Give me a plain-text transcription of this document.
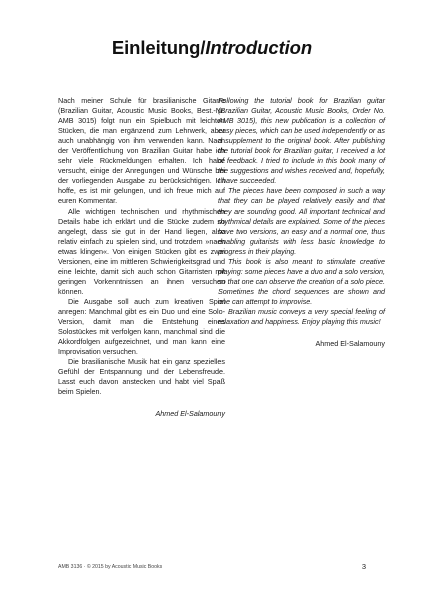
Einleitung/Introduction

Nach meiner Schule für brasilianische Gitarre (Brazilian Guitar, Acoustic Music Books, Best.-Nr. AMB 3015) folgt nun ein Spielbuch mit leichten Stücken, die man ergänzend zum Lehrwerk, aber auch unabhängig von ihm verwenden kann. Nach der Veröffentlichung von Brazilian Guitar habe ich sehr viele Rückmeldungen erhalten. Ich habe versucht, einige der Anregungen und Wünsche bei der vorliegenden Ausgabe zu berücksichtigen. Ich hoffe, es ist mir gelungen, und ich freue mich auf euren Kommentar.

Alle wichtigen technischen und rhythmischen Details habe ich erklärt und die Stücke zudem so angelegt, dass sie gut in der Hand liegen, also relativ einfach zu spielen sind, und trotzdem »nach etwas klingen«. Von einigen Stücken gibt es zwei Versionen, eine im mittleren Schwierigkeitsgrad und eine leichte, damit sich auch schon Gitarristen mit geringen Vorkenntnissen an ihnen versuchen können.

Die Ausgabe soll auch zum kreativen Spiel anregen: Manchmal gibt es ein Duo und eine Solo-Version, damit man die Entstehung eines Solostückes mit verfolgen kann, manchmal sind die Akkordfolgen aufgezeichnet, und man kann eine Improvisation versuchen.

Die brasilianische Musik hat ein ganz spezielles Gefühl der Entspannung und der Lebensfreude. Lasst euch davon anstecken und habt viel Spaß beim Spielen.

Ahmed El-Salamouny

Following the tutorial book for Brazilian guitar (Brazilian Guitar, Acoustic Music Books, Order No. AMB 3015), this new publication is a collection of easy pieces, which can be used independently or as a supplement to the original book. After publishing the tutorial book for Brazilian guitar, I received a lot of feedback. I tried to include in this book many of the suggestions and wishes received and, hopefully, I have succeeded.

The pieces have been composed in such a way that they can be played relatively easily and that they are sounding good. All important technical and rhythmical details are explained. Some of the pieces have two versions, an easy and a normal one, thus enabling guitarists with less basic knowledge to progress in their playing.

This book is also meant to stimulate creative playing: some pieces have a duo and a solo version, so that one can observe the creation of a solo piece. Sometimes the chord sequences are shown and one can attempt to improvise.

Brazilian music conveys a very special feeling of relaxation and happiness. Enjoy playing this music!

Ahmed El-Salamouny
AMB 3136 · © 2015 by Acoustic Music Books	3
